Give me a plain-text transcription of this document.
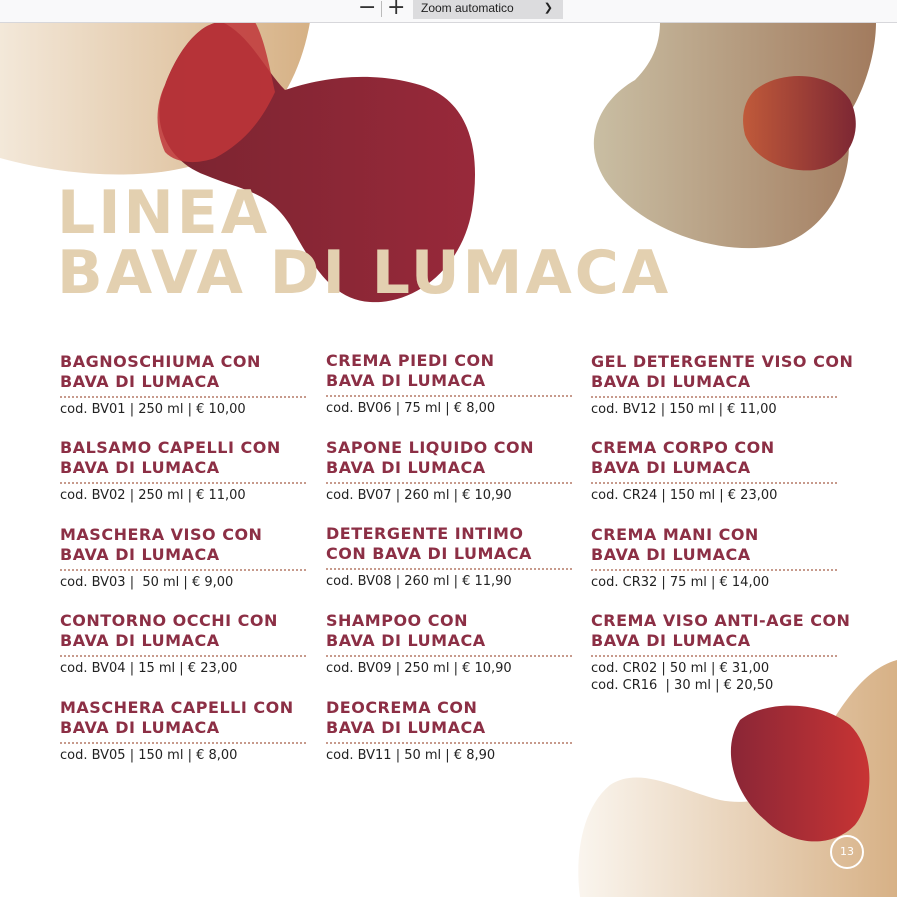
− +	Zoom automatico	❯
LINEA
BAVA DI LUMACA
BAGNOSCHIUMA CON
BAVA DI LUMACA
cod. BV01 | 250 ml | € 10,00
BALSAMO CAPELLI CON
BAVA DI LUMACA
cod. BV02 | 250 ml | € 11,00
MASCHERA VISO CON
BAVA DI LUMACA
cod. BV03 |  50 ml | € 9,00
CONTORNO OCCHI CON
BAVA DI LUMACA
cod. BV04 | 15 ml | € 23,00
MASCHERA CAPELLI CON
BAVA DI LUMACA
cod. BV05 | 150 ml | € 8,00
CREMA PIEDI CON
BAVA DI LUMACA
cod. BV06 | 75 ml | € 8,00
SAPONE LIQUIDO CON
BAVA DI LUMACA
cod. BV07 | 260 ml | € 10,90
DETERGENTE INTIMO
CON BAVA DI LUMACA
cod. BV08 | 260 ml | € 11,90
SHAMPOO CON
BAVA DI LUMACA
cod. BV09 | 250 ml | € 10,90
DEOCREMA CON
BAVA DI LUMACA
cod. BV11 | 50 ml | € 8,90
GEL DETERGENTE VISO CON
BAVA DI LUMACA
cod. BV12 | 150 ml | € 11,00
CREMA CORPO CON
BAVA DI LUMACA
cod. CR24 | 150 ml | € 23,00
CREMA MANI CON
BAVA DI LUMACA
cod. CR32 | 75 ml | € 14,00
CREMA VISO ANTI-AGE CON
BAVA DI LUMACA
cod. CR02 | 50 ml | € 31,00
cod. CR16  | 30 ml | € 20,50
13
